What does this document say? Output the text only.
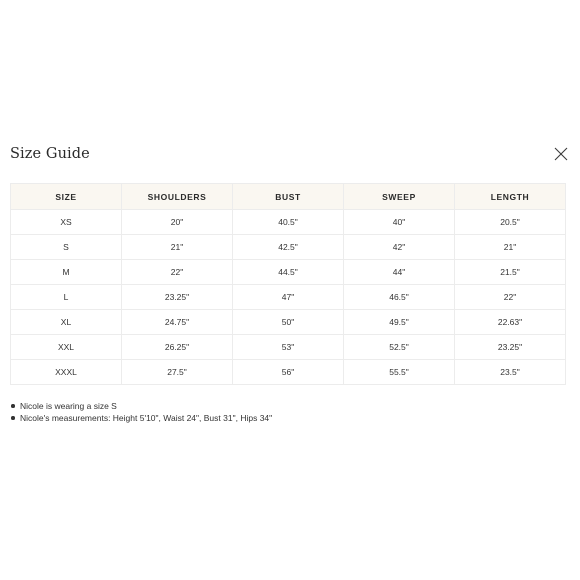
Size Guide
SIZE	SHOULDERS	BUST	SWEEP	LENGTH
XS	20"	40.5"	40"	20.5"
S	21"	42.5"	42"	21"
M	22"	44.5"	44"	21.5"
L	23.25"	47"	46.5"	22"
XL	24.75"	50"	49.5"	22.63"
XXL	26.25"	53"	52.5"	23.25"
XXXL	27.5"	56"	55.5"	23.5"
Nicole is wearing a size S
Nicole's measurements: Height 5'10", Waist 24", Bust 31", Hips 34"
